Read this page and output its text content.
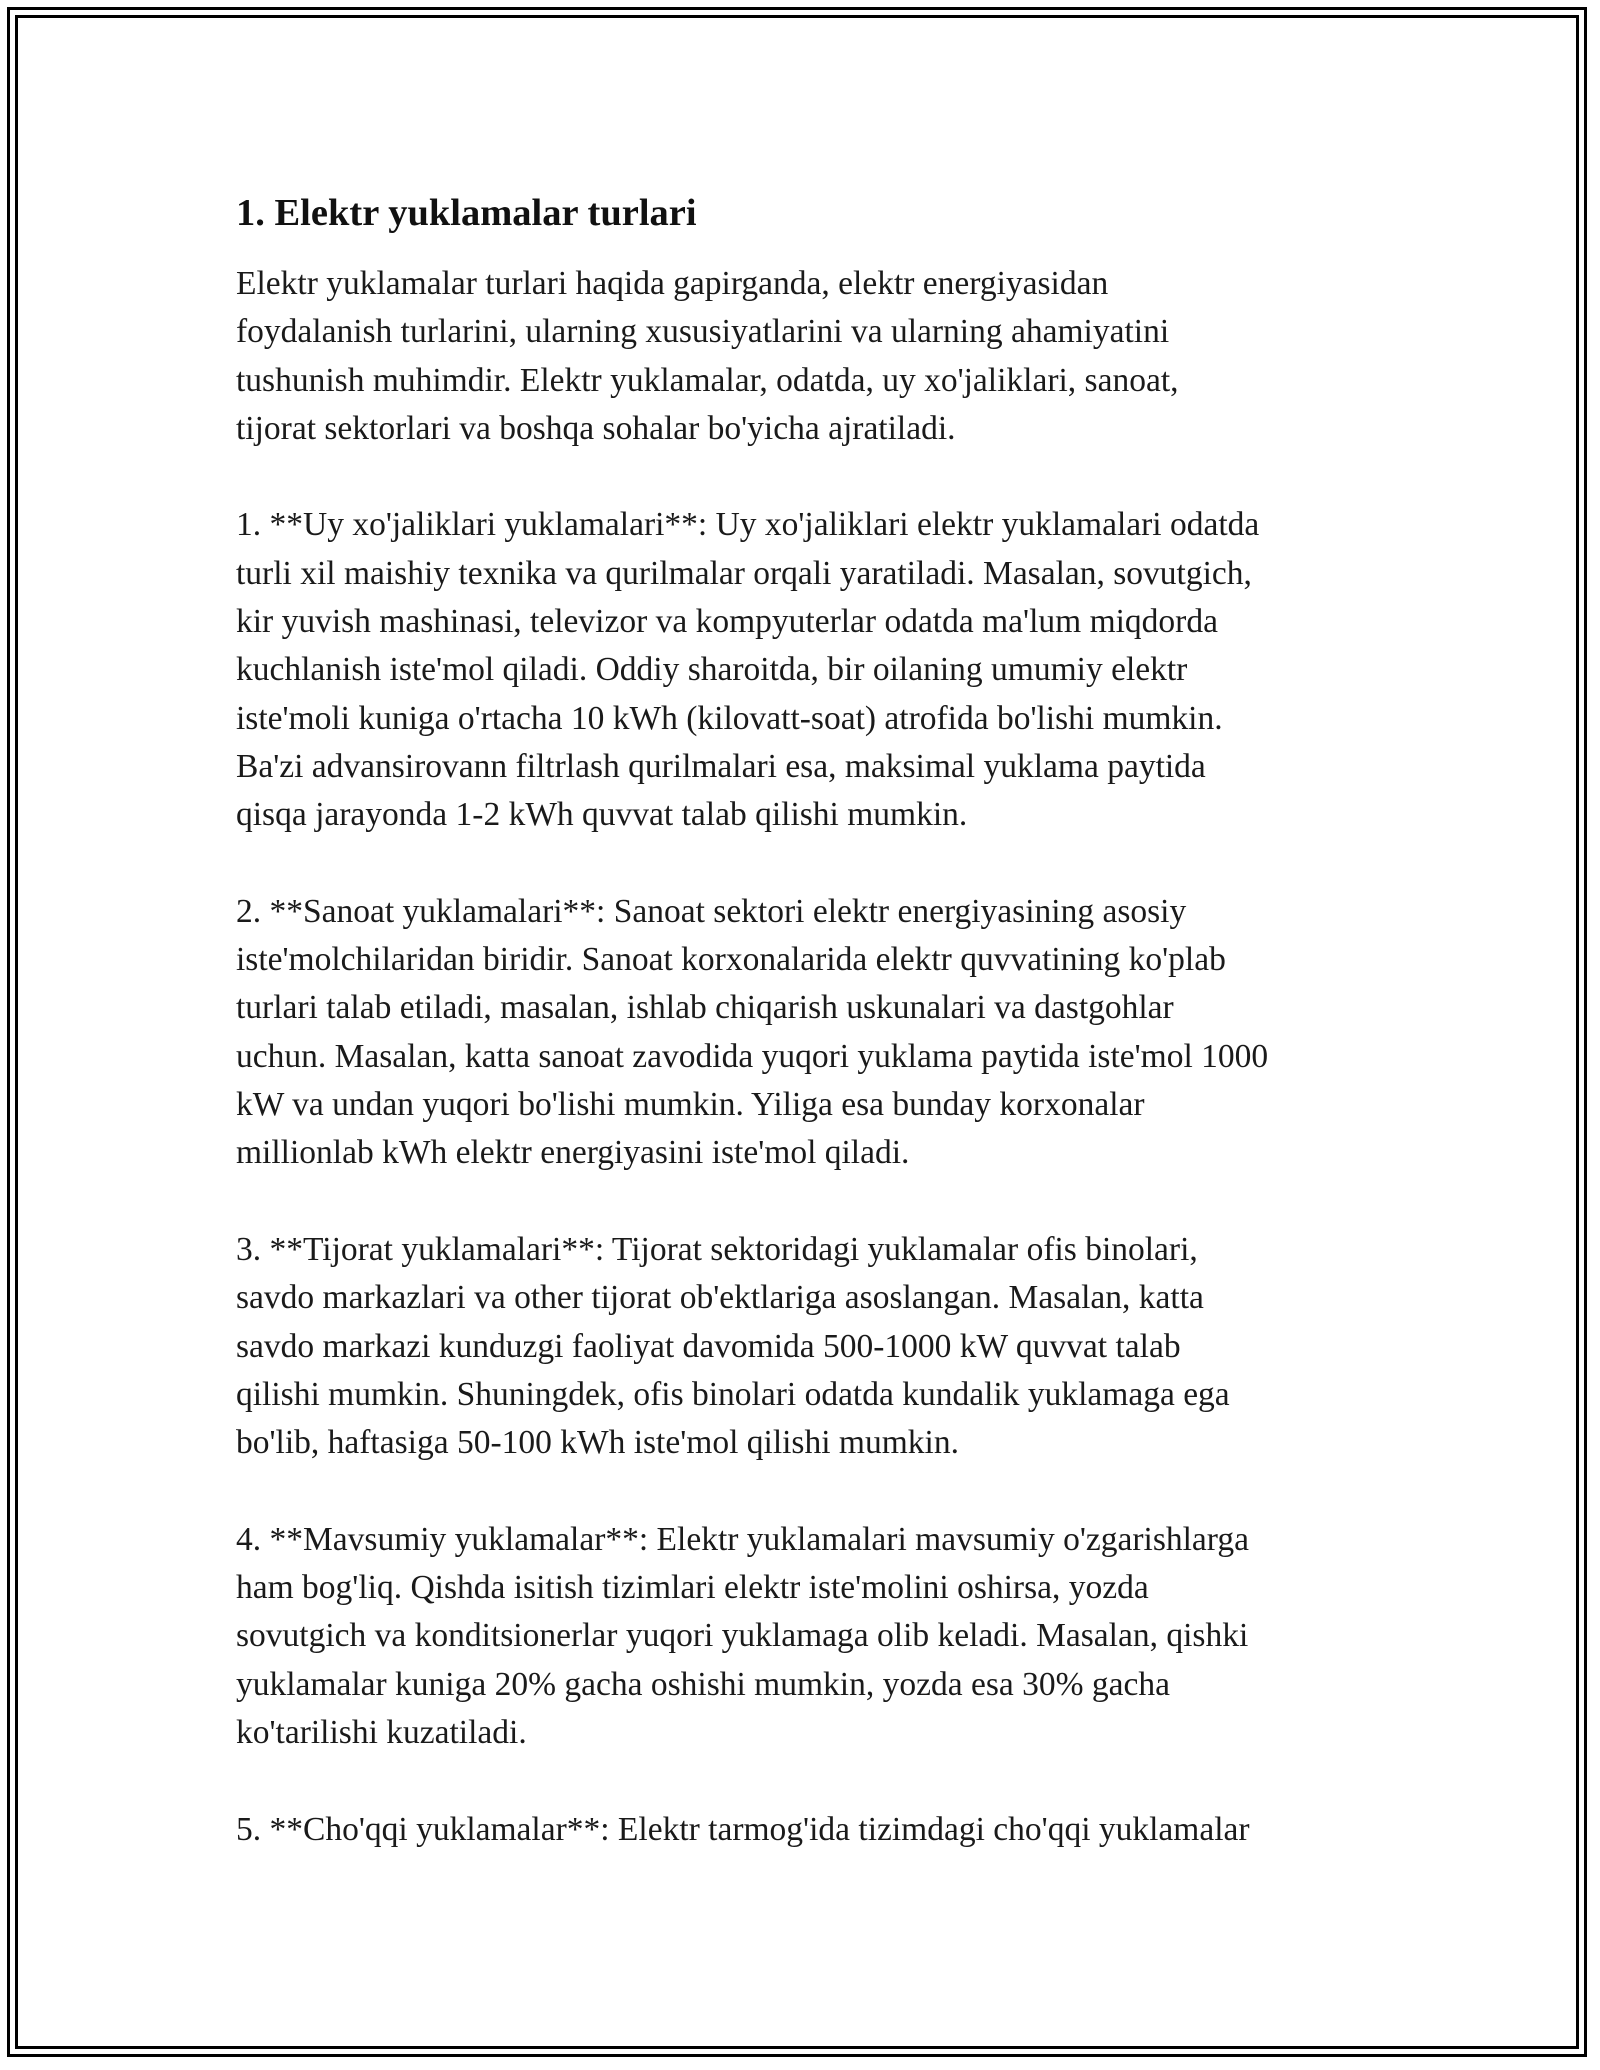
1. Elektr yuklamalar turlari
Elektr yuklamalar turlari haqida gapirganda, elektr energiyasidan
foydalanish turlarini, ularning xususiyatlarini va ularning ahamiyatini
tushunish muhimdir. Elektr yuklamalar, odatda, uy xo'jaliklari, sanoat,
tijorat sektorlari va boshqa sohalar bo'yicha ajratiladi.
1. **Uy xo'jaliklari yuklamalari**: Uy xo'jaliklari elektr yuklamalari odatda
turli xil maishiy texnika va qurilmalar orqali yaratiladi. Masalan, sovutgich,
kir yuvish mashinasi, televizor va kompyuterlar odatda ma'lum miqdorda
kuchlanish iste'mol qiladi. Oddiy sharoitda, bir oilaning umumiy elektr
iste'moli kuniga o'rtacha 10 kWh (kilovatt-soat) atrofida bo'lishi mumkin.
Ba'zi advansirovann filtrlash qurilmalari esa, maksimal yuklama paytida
qisqa jarayonda 1-2 kWh quvvat talab qilishi mumkin.
2. **Sanoat yuklamalari**: Sanoat sektori elektr energiyasining asosiy
iste'molchilaridan biridir. Sanoat korxonalarida elektr quvvatining ko'plab
turlari talab etiladi, masalan, ishlab chiqarish uskunalari va dastgohlar
uchun. Masalan, katta sanoat zavodida yuqori yuklama paytida iste'mol 1000
kW va undan yuqori bo'lishi mumkin. Yiliga esa bunday korxonalar
millionlab kWh elektr energiyasini iste'mol qiladi.
3. **Tijorat yuklamalari**: Tijorat sektoridagi yuklamalar ofis binolari,
savdo markazlari va other tijorat ob'ektlariga asoslangan. Masalan, katta
savdo markazi kunduzgi faoliyat davomida 500-1000 kW quvvat talab
qilishi mumkin. Shuningdek, ofis binolari odatda kundalik yuklamaga ega
bo'lib, haftasiga 50-100 kWh iste'mol qilishi mumkin.
4. **Mavsumiy yuklamalar**: Elektr yuklamalari mavsumiy o'zgarishlarga
ham bog'liq. Qishda isitish tizimlari elektr iste'molini oshirsa, yozda
sovutgich va konditsionerlar yuqori yuklamaga olib keladi. Masalan, qishki
yuklamalar kuniga 20% gacha oshishi mumkin, yozda esa 30% gacha
ko'tarilishi kuzatiladi.
5. **Cho'qqi yuklamalar**: Elektr tarmog'ida tizimdagi cho'qqi yuklamalar
